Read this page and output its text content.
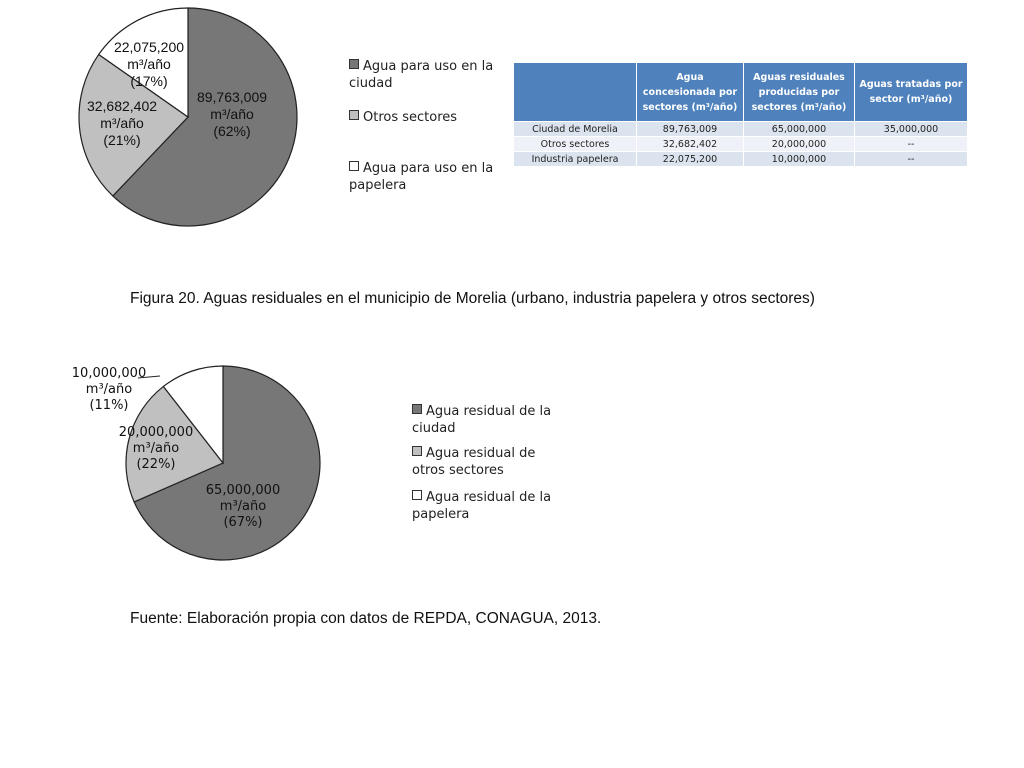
89,763,009 m³/año (62%)
32,682,402 m³/año (21%)
22,075,200 m³/año (17%)
65,000,000 m³/año (67%)
20,000,000 m³/año (22%)
10,000,000 m³/año (11%)
Agua para uso en la ciudad
Otros sectores
Agua para uso en la papelera
	Agua concesionada por sectores (m³/año)	Aguas residuales producidas por sectores (m³/año)	Aguas tratadas por sector (m³/año)
Ciudad de Morelia	89,763,009	65,000,000	35,000,000
Otros sectores	32,682,402	20,000,000	--
Industria papelera	22,075,200	10,000,000	--
Figura 20. Aguas residuales en el municipio de Morelia (urbano, industria papelera y otros sectores)
Agua residual de la ciudad
Agua residual de otros sectores
Agua residual de la papelera
Fuente: Elaboración propia con datos de REPDA, CONAGUA, 2013.
